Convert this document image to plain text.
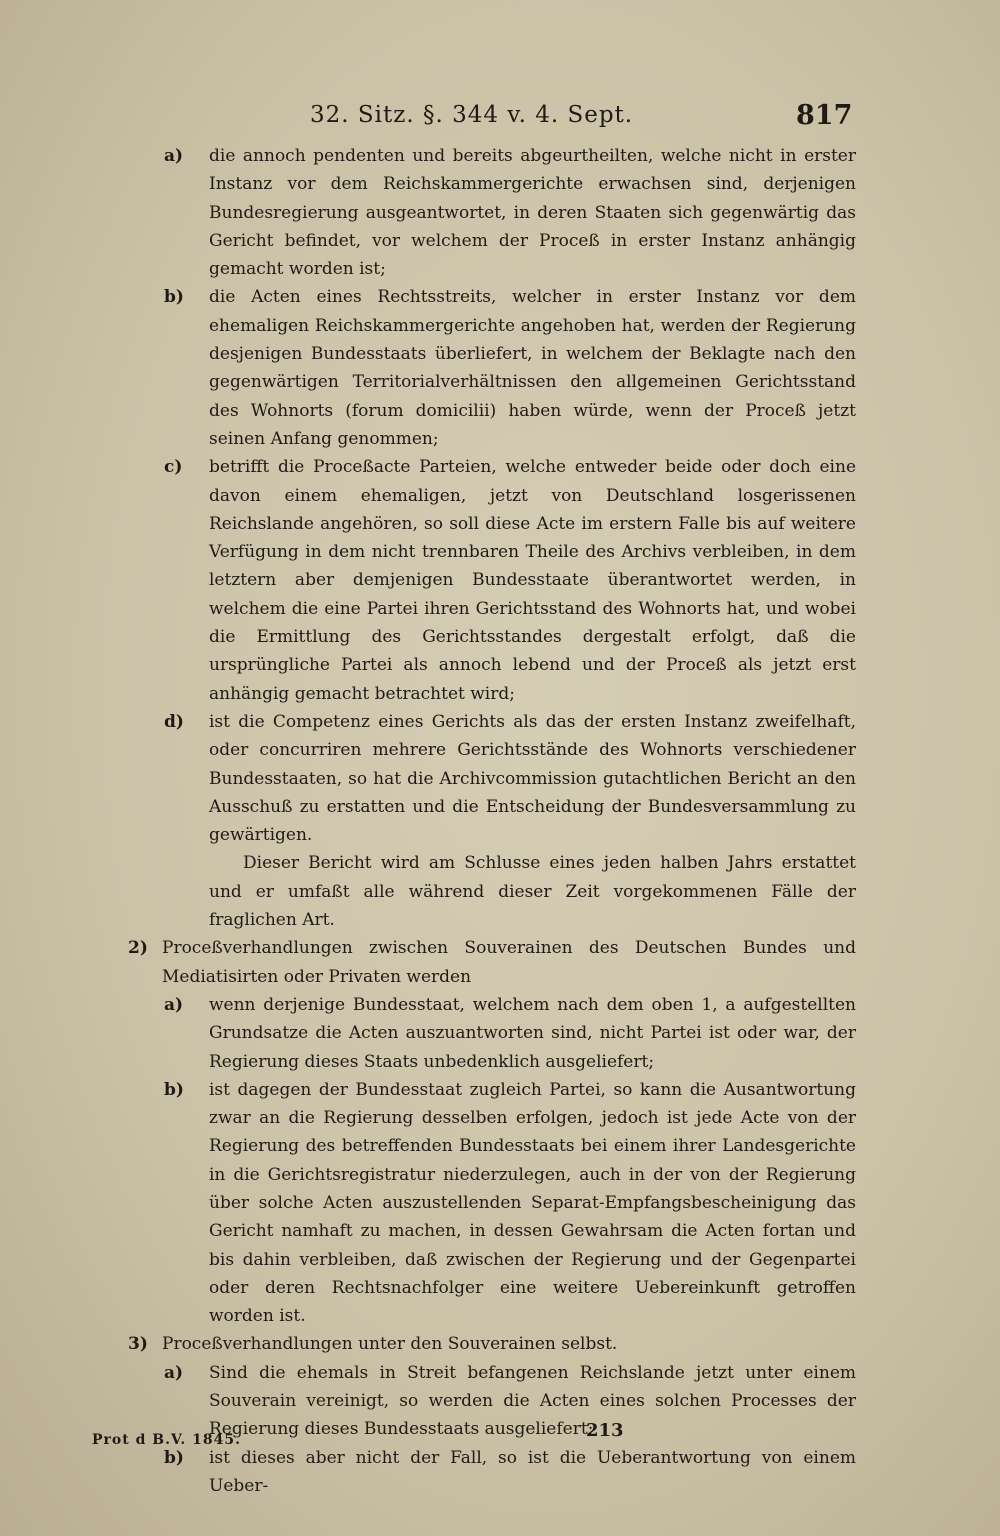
32. Sitz. §. 344 v. 4. Sept.	817
a)	die annoch pendenten und bereits abgeurtheilten, welche nicht in erster Instanz vor dem Reichskammergerichte erwachsen sind, derjenigen Bundesregierung ausgeantwortet, in deren Staaten sich gegenwärtig das Gericht befindet, vor welchem der Proceß in erster Instanz anhängig gemacht worden ist;
b)	die Acten eines Rechtsstreits, welcher in erster Instanz vor dem ehemaligen Reichskammergerichte angehoben hat, werden der Regierung desjenigen Bundesstaats überliefert, in welchem der Beklagte nach den gegenwärtigen Territorialverhältnissen den allgemeinen Gerichtsstand des Wohnorts (forum domicilii) haben würde, wenn der Proceß jetzt seinen Anfang genommen;
c)	betrifft die Proceßacte Parteien, welche entweder beide oder doch eine davon einem ehemaligen, jetzt von Deutschland losgerissenen Reichslande angehören, so soll diese Acte im erstern Falle bis auf weitere Verfügung in dem nicht trennbaren Theile des Archivs verbleiben, in dem letztern aber demjenigen Bundesstaate überantwortet werden, in welchem die eine Partei ihren Gerichtsstand des Wohnorts hat, und wobei die Ermittlung des Gerichtsstandes dergestalt erfolgt, daß die ursprüngliche Partei als annoch lebend und der Proceß als jetzt erst anhängig gemacht betrachtet wird;
d)	ist die Competenz eines Gerichts als das der ersten Instanz zweifelhaft, oder concurriren mehrere Gerichtsstände des Wohnorts verschiedener Bundesstaaten, so hat die Archivcommission gutachtlichen Bericht an den Ausschuß zu erstatten und die Entscheidung der Bundesversammlung zu gewärtigen.
Dieser Bericht wird am Schlusse eines jeden halben Jahrs erstattet und er umfaßt alle während dieser Zeit vorgekommenen Fälle der fraglichen Art.
2) Proceßverhandlungen zwischen Souverainen des Deutschen Bundes und Mediatisirten oder Privaten werden
a)	wenn derjenige Bundesstaat, welchem nach dem oben 1, a aufgestellten Grundsatze die Acten auszuantworten sind, nicht Partei ist oder war, der Regierung dieses Staats unbedenklich ausgeliefert;
b)	ist dagegen der Bundesstaat zugleich Partei, so kann die Ausantwortung zwar an die Regierung desselben erfolgen, jedoch ist jede Acte von der Regierung des betreffenden Bundesstaats bei einem ihrer Landesgerichte in die Gerichtsregistratur niederzulegen, auch in der von der Regierung über solche Acten auszustellenden Separat-Empfangsbescheinigung das Gericht namhaft zu machen, in dessen Gewahrsam die Acten fortan und bis dahin verbleiben, daß zwischen der Regierung und der Gegenpartei oder deren Rechtsnachfolger eine weitere Uebereinkunft getroffen worden ist.
3) Proceßverhandlungen unter den Souverainen selbst.
a)	Sind die ehemals in Streit befangenen Reichslande jetzt unter einem Souverain vereinigt, so werden die Acten eines solchen Processes der Regierung dieses Bundesstaats ausgeliefert;
b)	ist dieses aber nicht der Fall, so ist die Ueberantwortung von einem Ueber-
Prot d B.V. 1845.	213
